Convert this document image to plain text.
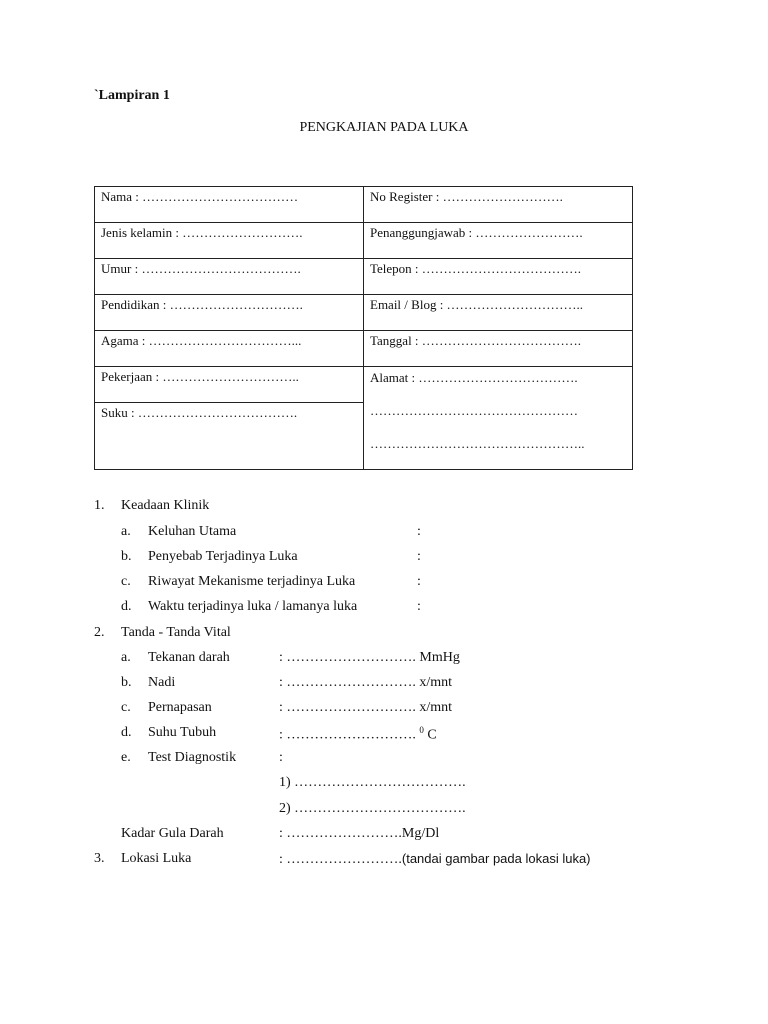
`Lampiran 1
PENGKAJIAN PADA LUKA
Nama : ………………………………	No Register : ……………………….
Jenis kelamin : ……………………….	Penanggungjawab : …………………….
Umur : ……………………………….	Telepon : ……………………………….
Pendidikan : ………………………….	Email / Blog : …………………………..
Agama : ……………………………...	Tanggal : ……………………………….
Pekerjaan : …………………………..	Alamat : ……………………………….
…………………………………………
…………………………………………..

Suku : ……………………………….	
1. Keadaan Klinik
a. Keluhan Utama	:
b. Penyebab Terjadinya Luka	:
c. Riwayat Mekanisme terjadinya Luka	:
d. Waktu terjadinya luka / lamanya luka	:
2. Tanda - Tanda Vital
a. Tekanan darah	: ………………………. MmHg
b. Nadi	: ………………………. x/mnt
c. Pernapasan	: ………………………. x/mnt
d. Suhu Tubuh	: ………………………. $^0$ C
e. Test Diagnostik	:
1) ……………………………….
2) ……………………………….
Kadar Gula Darah	: …………………….Mg/Dl
3. Lokasi Luka	: …………………….(tandai gambar pada lokasi luka)
